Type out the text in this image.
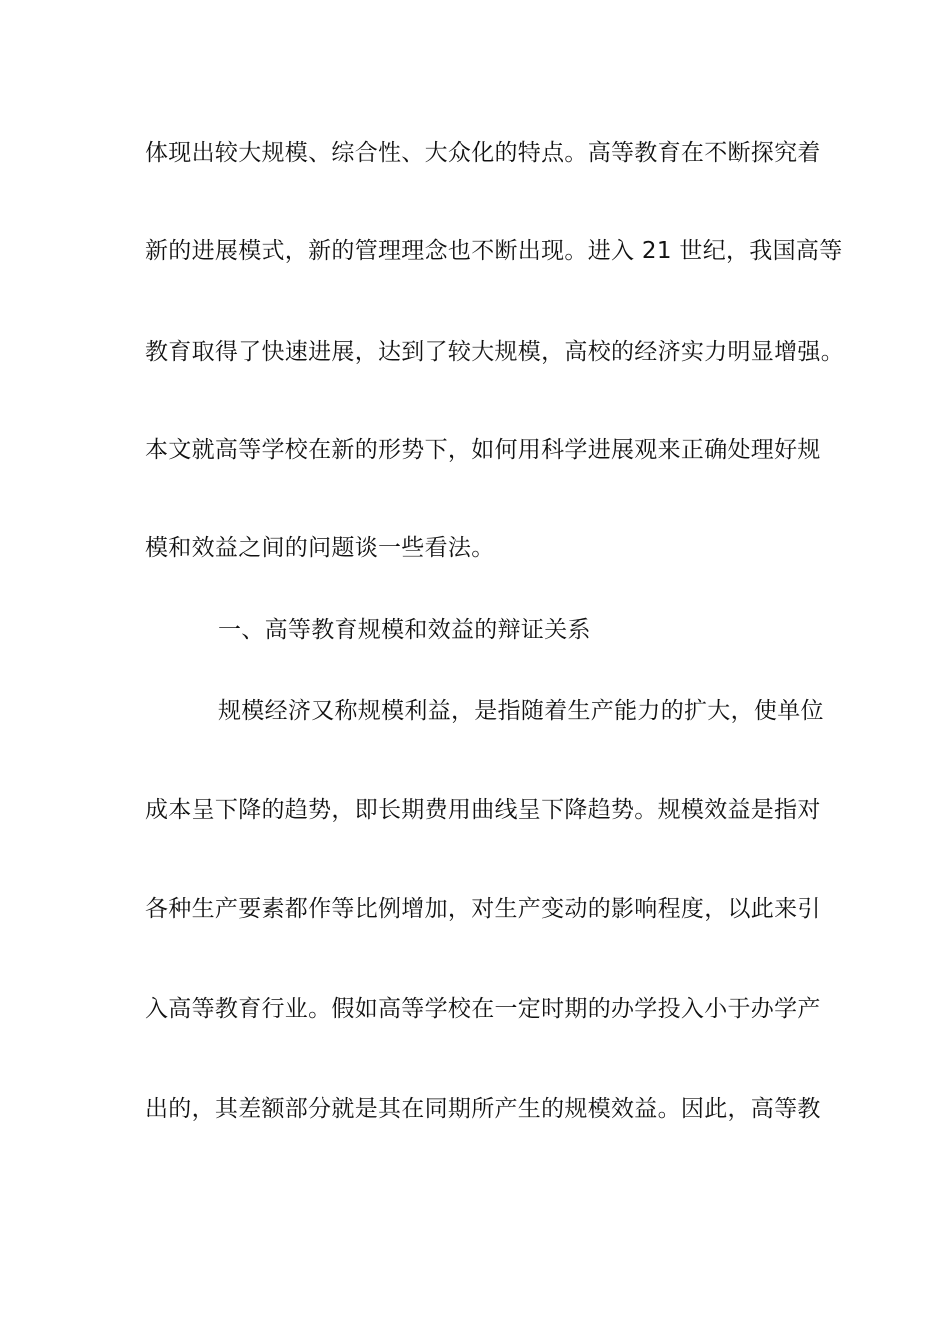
体现出较大规模、综合性、大众化的特点。高等教育在不断探究着
新的进展模式，新的管理理念也不断出现。进入 21 世纪，我国高等
教育取得了快速进展，达到了较大规模，高校的经济实力明显增强。
本文就高等学校在新的形势下，如何用科学进展观来正确处理好规
模和效益之间的问题谈一些看法。
一、高等教育规模和效益的辩证关系
规模经济又称规模利益，是指随着生产能力的扩大，使单位
成本呈下降的趋势，即长期费用曲线呈下降趋势。规模效益是指对
各种生产要素都作等比例增加，对生产变动的影响程度，以此来引
入高等教育行业。假如高等学校在一定时期的办学投入小于办学产
出的，其差额部分就是其在同期所产生的规模效益。因此，高等教
